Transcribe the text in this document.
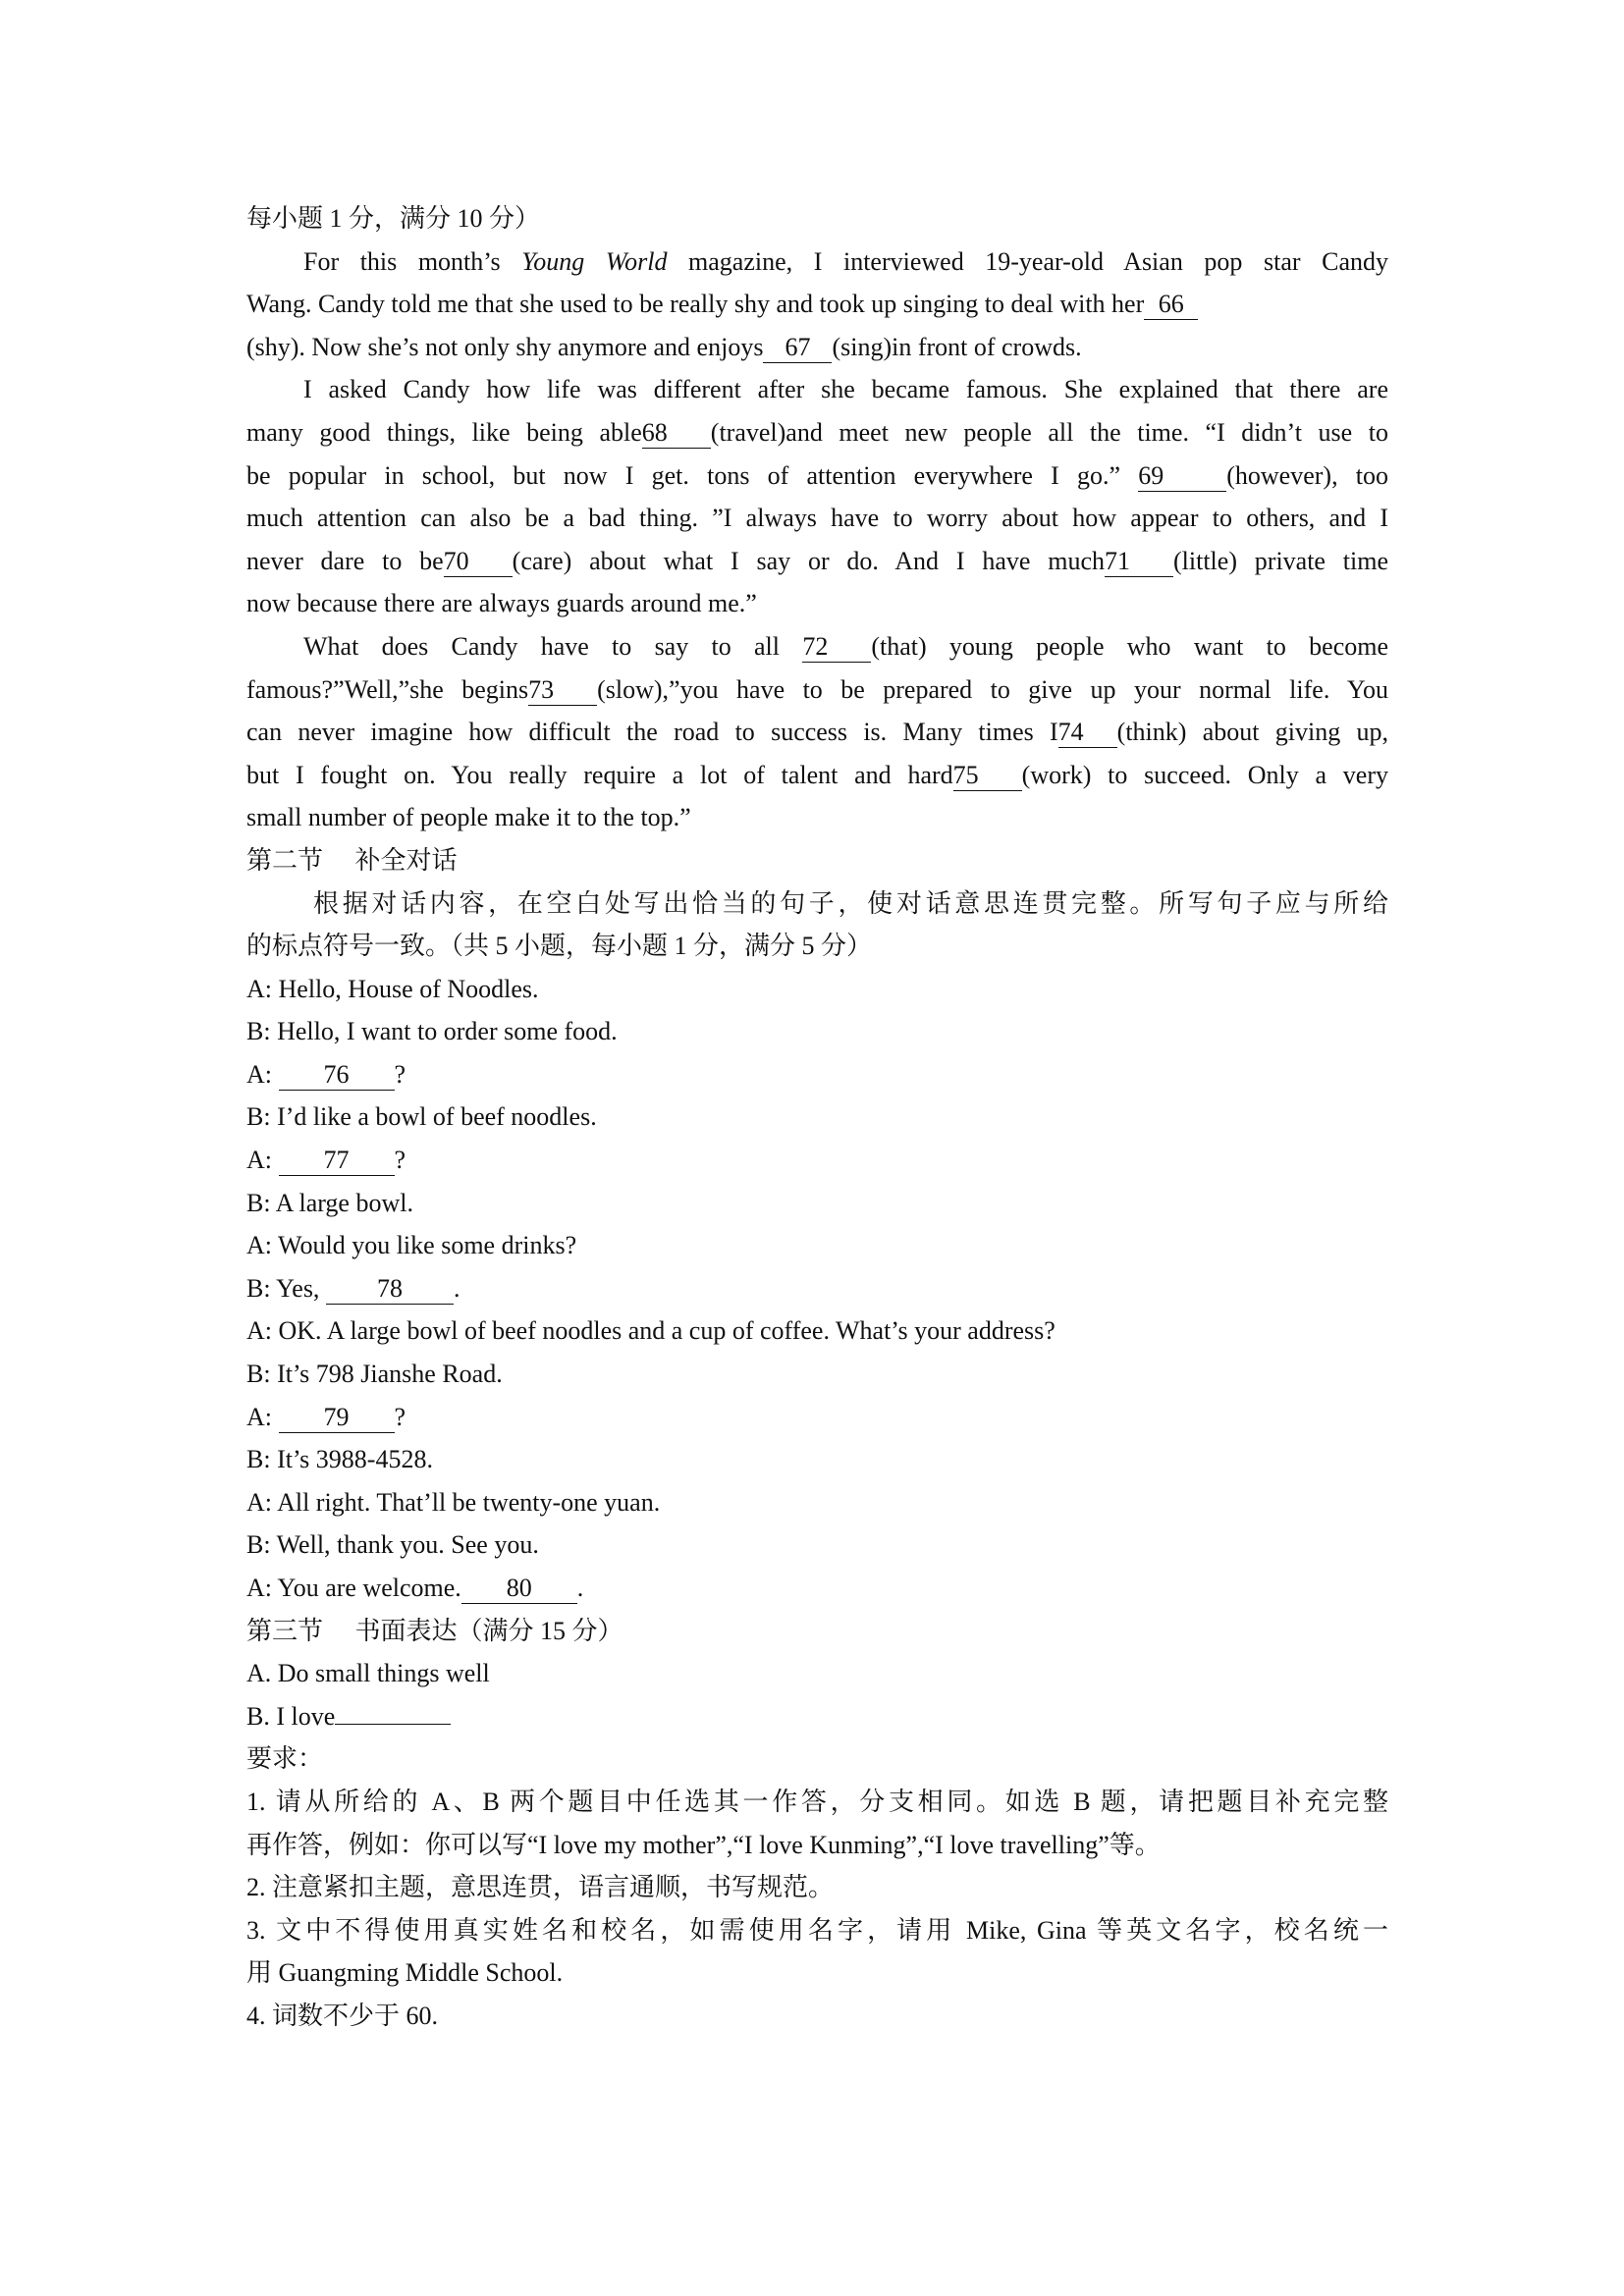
每小题 1 分，满分 10 分）
For this month’s Young World magazine, I interviewed 19-year-old Asian pop star Candy
Wang. Candy told me that she used to be really shy and took up singing to deal with her 66
(shy). Now she’s not only shy anymore and enjoys 67 (sing)in front of crowds.
I asked Candy how life was different after she became famous. She explained that there are
many good things, like being able68 (travel)and meet new people all the time. “I didn’t use to
be popular in school, but now I get. tons of attention everywhere I go.” 69 (however), too
much attention can also be a bad thing. ”I always have to worry about how appear to others, and I
never dare to be70 (care) about what I say or do. And I have much71 (little) private time
now because there are always guards around me.”
What does Candy have to say to all 72 (that) young people who want to become
famous?”Well,”she begins73 (slow),”you have to be prepared to give up your normal life. You
can never imagine how difficult the road to success is. Many times I74 (think) about giving up,
but I fought on. You really require a lot of talent and hard75 (work) to succeed. Only a very
small number of people make it to the top.”
第二节　 补全对话
根据对话内容，在空白处写出恰当的句子，使对话意思连贯完整。所写句子应与所给
的标点符号一致。（共 5 小题，每小题 1 分，满分 5 分）
A: Hello, House of Noodles.
B: Hello, I want to order some food.
A: 76 ?
B: I’d like a bowl of beef noodles.
A: 77 ?
B: A large bowl.
A: Would you like some drinks?
B: Yes, 78 .
A: OK. A large bowl of beef noodles and a cup of coffee. What’s your address?
B: It’s 798 Jianshe Road.
A: 79 ?
B: It’s 3988-4528.
A: All right. That’ll be twenty-one yuan.
B: Well, thank you. See you.
A: You are welcome. 80 .
第三节　 书面表达（满分 15 分）
A. Do small things well
B. I love
要求：
1. 请从所给的 A、B 两个题目中任选其一作答，分支相同。如选 B 题，请把题目补充完整
再作答，例如：你可以写“I love my mother”,“I love Kunming”,“I love travelling”等。
2. 注意紧扣主题，意思连贯，语言通顺，书写规范。
3. 文中不得使用真实姓名和校名，如需使用名字，请用 Mike, Gina 等英文名字，校名统一
用 Guangming Middle School.
4. 词数不少于 60.
